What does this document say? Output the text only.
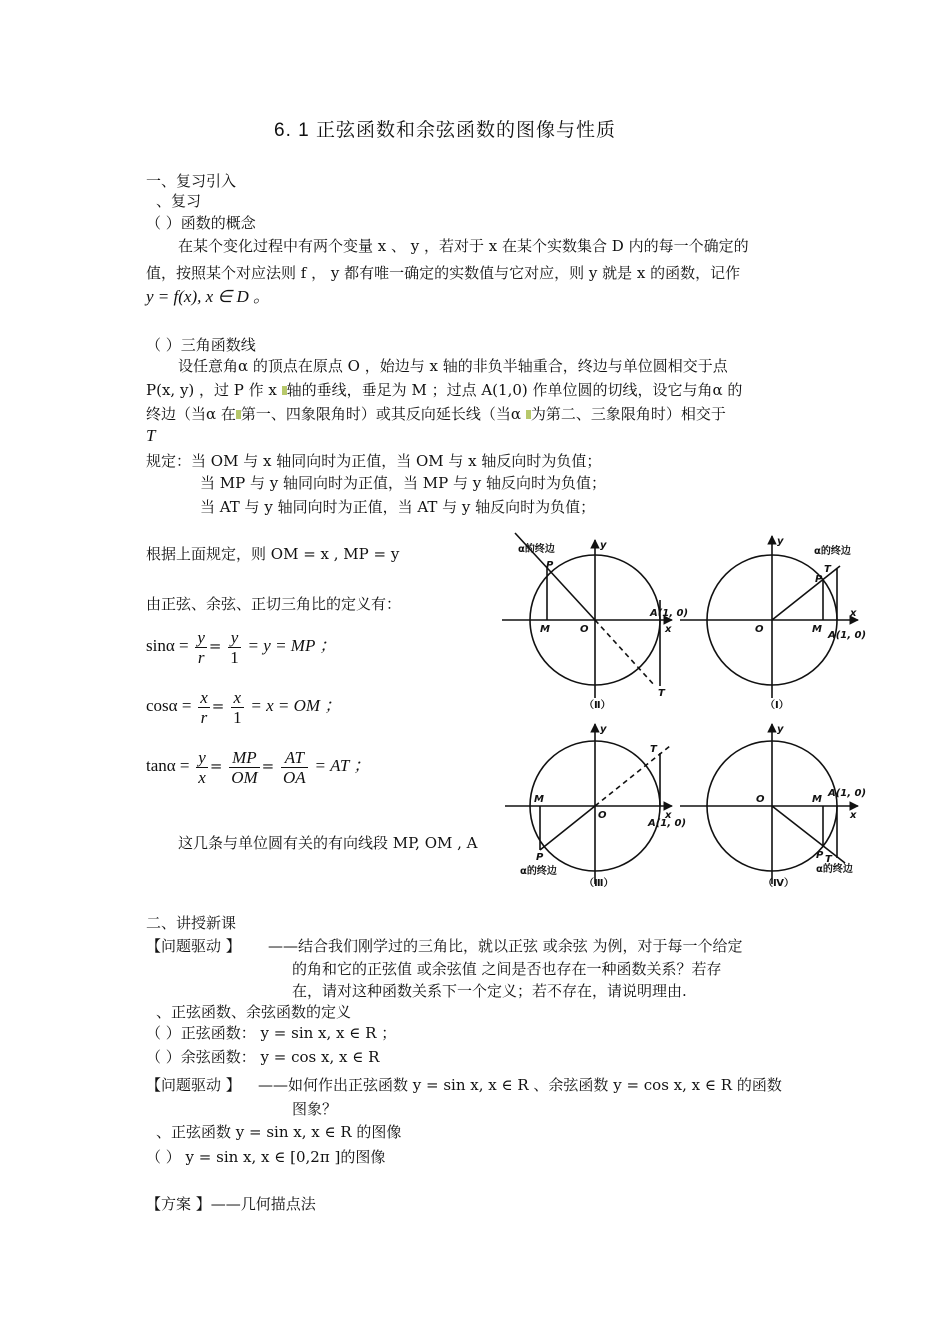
6. 1 正弦函数和余弦函数的图像与性质
一、复习引入
、复习
（ ）函数的概念
在某个变化过程中有两个变量 x 、 y ，若对于 x 在某个实数集合 D 内的每一个确定的
值，按照某个对应法则 f ， y 都有唯一确定的实数值与它对应，则 y 就是 x 的函数，记作
y = f(x), x ∈ D 。
（ ）三角函数线
设任意角α 的顶点在原点 O ，始边与 x 轴的非负半轴重合，终边与单位圆相交于点
P(x, y) ，过 P 作 x 轴的垂线，垂足为 M ；过点 A(1,0) 作单位圆的切线，设它与角α 的
终边（当α 在 第一、四象限角时）或其反向延长线（当α 为第二、三象限角时）相交于
T
规定：当 OM 与 x 轴同向时为正值，当 OM 与 x 轴反向时为负值；
当 MP 与 y 轴同向时为正值，当 MP 与 y 轴反向时为负值；
当 AT 与 y 轴同向时为正值，当 AT 与 y 轴反向时为负值；
根据上面规定，则 OM = x , MP = y
由正弦、余弦、正切三角比的定义有：
$\sin\alpha = \frac{y}{r} = \frac{y}{1} = y$ = MP ；
$\cos\alpha = \frac{x}{r} = \frac{x}{1} = x$ = OM ；
$\tan\alpha = \frac{y}{x} = \frac{MP}{OM} = \frac{AT}{OA}$ = AT ；
这几条与单位圆有关的有向线段 MP, OM , A
α的终边	y
P
M	O
A(1, 0)
x
T
（Ⅱ）
y
α的终边
P
T
O	M
A(1, 0)
x
（Ⅰ）
y
T
M
O	x
A(1, 0)
P
α的终边
（Ⅲ）
y
M
A(1, 0)
O
x
P T
α的终边
（Ⅳ）
二、讲授新课
【问题驱动 】 ——结合我们刚学过的三角比，就以正弦 或余弦 为例，对于每一个给定
的角和它的正弦值 或余弦值 之间是否也存在一种函数关系？若存
在，请对这种函数关系下一个定义；若不存在，请说明理由.
、正弦函数、余弦函数的定义
（ ）正弦函数： y = sin x, x ∈ R ；
（ ）余弦函数： y = cos x, x ∈ R
【问题驱动 】 ——如何作出正弦函数 y = sin x, x ∈ R 、余弦函数 y = cos x, x ∈ R 的函数
图象？
、正弦函数 y = sin x, x ∈ R 的图像
（ ） y = sin x, x ∈ [0,2π ]的图像
【方案 】——几何描点法
